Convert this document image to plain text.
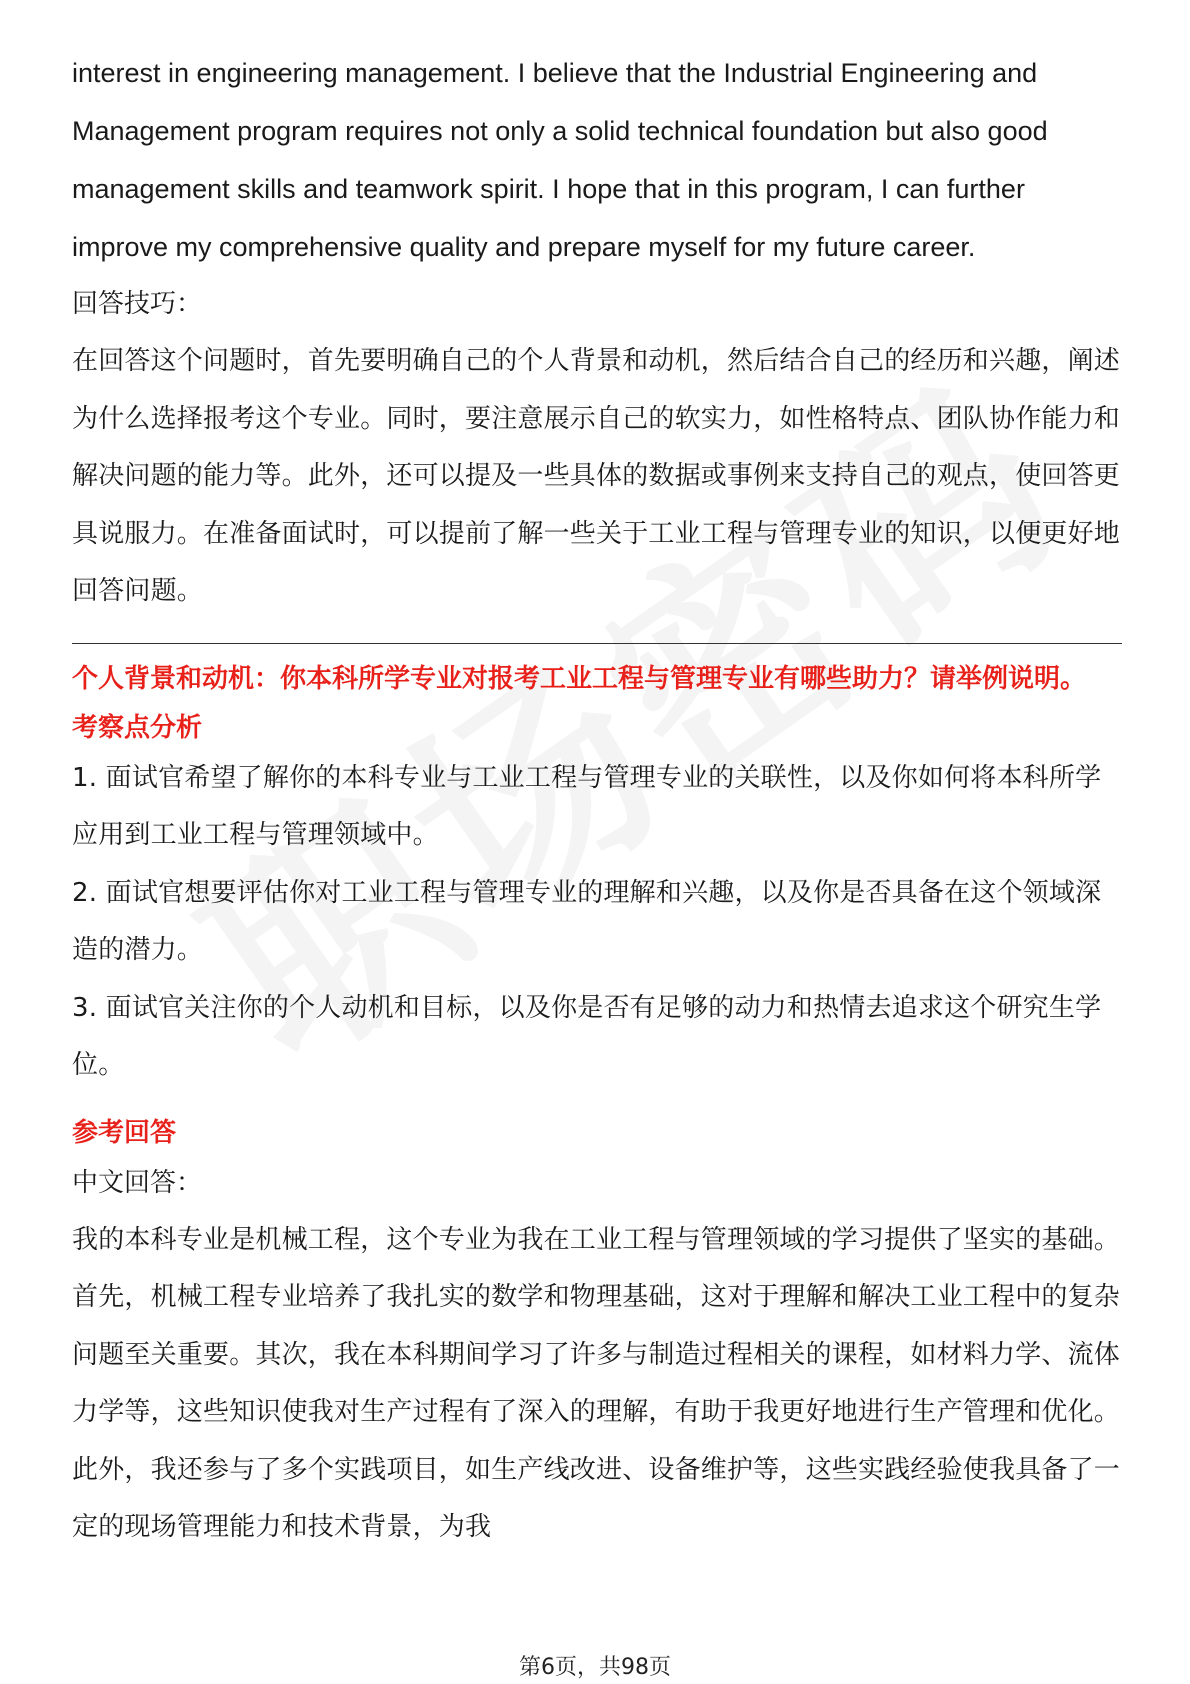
interest in engineering management. I believe that the Industrial Engineering and Management program requires not only a solid technical foundation but also good management skills and teamwork spirit. I hope that in this program, I can further improve my comprehensive quality and prepare myself for my future career.

回答技巧：

在回答这个问题时，首先要明确自己的个人背景和动机，然后结合自己的经历和兴趣，阐述为什么选择报考这个专业。同时，要注意展示自己的软实力，如性格特点、团队协作能力和解决问题的能力等。此外，还可以提及一些具体的数据或事例来支持自己的观点，使回答更具说服力。在准备面试时，可以提前了解一些关于工业工程与管理专业的知识，以便更好地回答问题。

个人背景和动机：你本科所学专业对报考工业工程与管理专业有哪些助力？请举例说明。

考察点分析

1. 面试官希望了解你的本科专业与工业工程与管理专业的关联性，以及你如何将本科所学应用到工业工程与管理领域中。

2. 面试官想要评估你对工业工程与管理专业的理解和兴趣，以及你是否具备在这个领域深造的潜力。

3. 面试官关注你的个人动机和目标，以及你是否有足够的动力和热情去追求这个研究生学位。

参考回答

中文回答：

我的本科专业是机械工程，这个专业为我在工业工程与管理领域的学习提供了坚实的基础。首先，机械工程专业培养了我扎实的数学和物理基础，这对于理解和解决工业工程中的复杂问题至关重要。其次，我在本科期间学习了许多与制造过程相关的课程，如材料力学、流体力学等，这些知识使我对生产过程有了深入的理解，有助于我更好地进行生产管理和优化。此外，我还参与了多个实践项目，如生产线改进、设备维护等，这些实践经验使我具备了一定的现场管理能力和技术背景，为我

第6页，共98页
